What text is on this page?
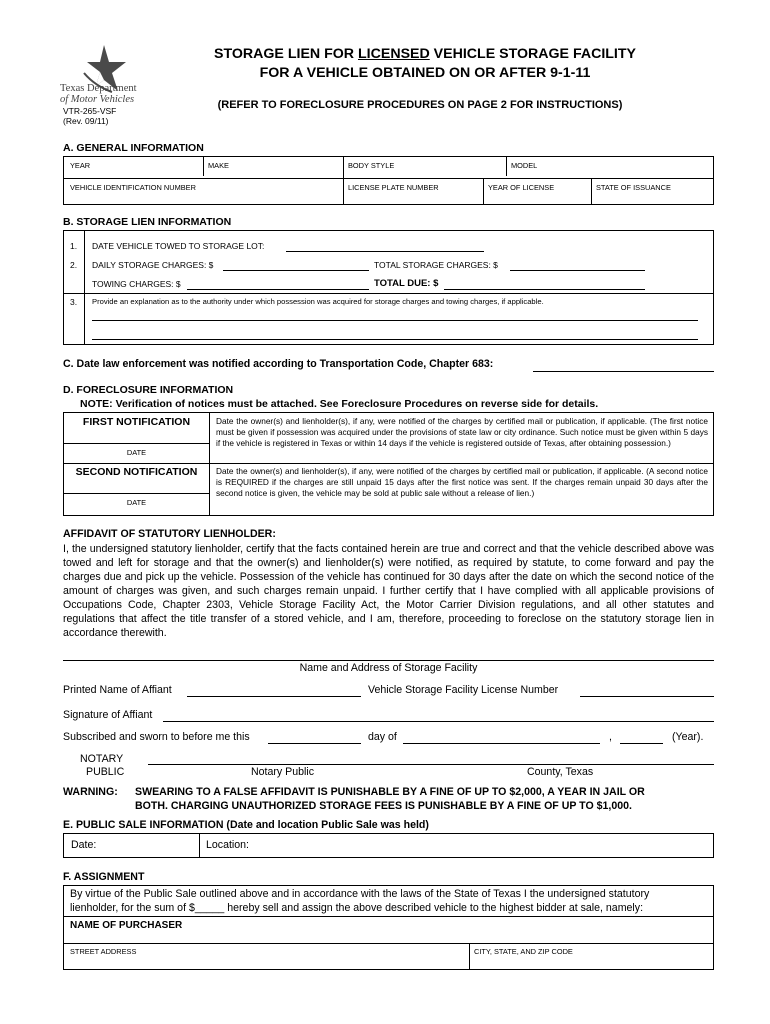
Texas Department
of Motor Vehicles
VTR-265-VSF
(Rev. 09/11)
STORAGE LIEN FOR LICENSED VEHICLE STORAGE FACILITY
FOR A VEHICLE OBTAINED ON OR AFTER 9-1-11
(REFER TO FORECLOSURE PROCEDURES ON PAGE 2 FOR INSTRUCTIONS)
A. GENERAL INFORMATION
YEAR	MAKE	BODY STYLE	MODEL
VEHICLE IDENTIFICATION NUMBER	LICENSE PLATE NUMBER	YEAR OF LICENSE	STATE OF ISSUANCE
B. STORAGE LIEN INFORMATION
1. DATE VEHICLE TOWED TO STORAGE LOT:
2. DAILY STORAGE CHARGES: $	TOTAL STORAGE CHARGES: $
TOWING CHARGES: $	TOTAL DUE: $
3. Provide an explanation as to the authority under which possession was acquired for storage charges and towing charges, if applicable.
C. Date law enforcement was notified according to Transportation Code, Chapter 683:
D. FORECLOSURE INFORMATION
NOTE: Verification of notices must be attached. See Foreclosure Procedures on reverse side for details.
FIRST NOTIFICATION
DATE
Date the owner(s) and lienholder(s), if any, were notified of the charges by certified mail or publication, if applicable. (The first notice must be given if possession was acquired under the provisions of state law or city ordinance. Such notice must be given within 5 days if the vehicle is registered in Texas or within 14 days if the vehicle is registered outside of Texas, after obtaining possession.)
SECOND NOTIFICATION
DATE
Date the owner(s) and lienholder(s), if any, were notified of the charges by certified mail or publication, if applicable. (A second notice is REQUIRED if the charges are still unpaid 15 days after the first notice was sent. If the charges remain unpaid 30 days after the second notice is given, the vehicle may be sold at public sale without a release of lien.)
AFFIDAVIT OF STATUTORY LIENHOLDER:
I, the undersigned statutory lienholder, certify that the facts contained herein are true and correct and that the vehicle described above was towed and left for storage and that the owner(s) and lienholder(s) were notified, as required by statute, to come forward and pay the charges due and pick up the vehicle. Possession of the vehicle has continued for 30 days after the date on which the second notice of the amount of charges was given, and such charges remain unpaid. I further certify that I have complied with all applicable provisions of Occupations Code, Chapter 2303, Vehicle Storage Facility Act, the Motor Carrier Division regulations, and all other statutes and regulations that affect the title transfer of a stored vehicle, and I am, therefore, proceeding to foreclose on the statutory storage lien in accordance therewith.
Name and Address of Storage Facility
Printed Name of Affiant	Vehicle Storage Facility License Number
Signature of Affiant
Subscribed and sworn to before me this	day of	,	(Year).
NOTARY
PUBLIC	Notary Public	County, Texas
WARNING: SWEARING TO A FALSE AFFIDAVIT IS PUNISHABLE BY A FINE OF UP TO $2,000, A YEAR IN JAIL OR
BOTH. CHARGING UNAUTHORIZED STORAGE FEES IS PUNISHABLE BY A FINE OF UP TO $1,000.
E. PUBLIC SALE INFORMATION (Date and location Public Sale was held)
Date:	Location:
F. ASSIGNMENT
By virtue of the Public Sale outlined above and in accordance with the laws of the State of Texas I the undersigned statutory
lienholder, for the sum of $_____ hereby sell and assign the above described vehicle to the highest bidder at sale, namely:
NAME OF PURCHASER
STREET ADDRESS	CITY, STATE, AND ZIP CODE
